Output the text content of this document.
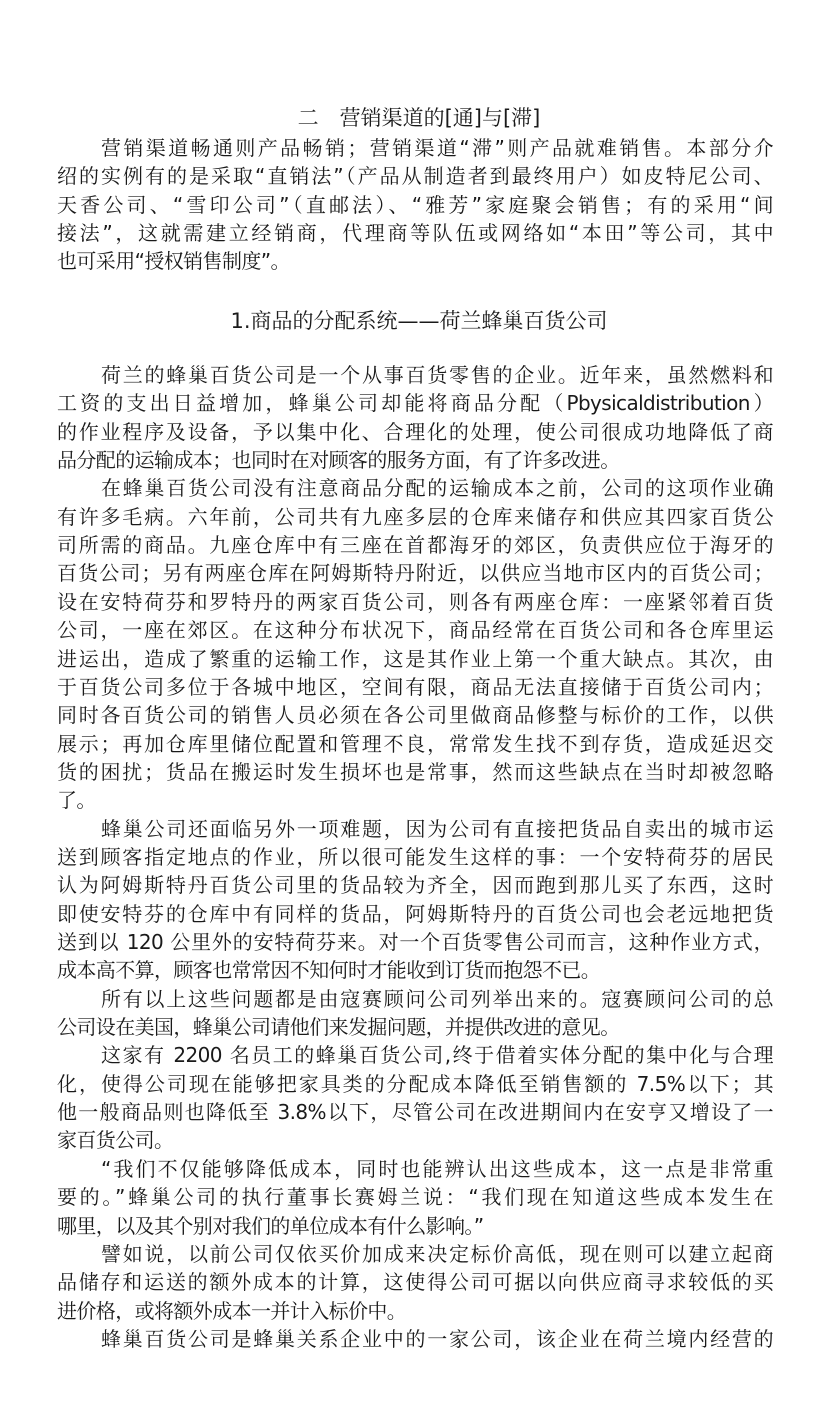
二　营销渠道的[通]与[滞]
营销渠道畅通则产品畅销；营销渠道“滞”则产品就难销售。本部分介
绍的实例有的是采取“直销法”（产品从制造者到最终用户）如皮特尼公司、
天香公司、“雪印公司”（直邮法）、“雅芳”家庭聚会销售；有的采用“间
接法”，这就需建立经销商，代理商等队伍或网络如“本田”等公司，其中
也可采用“授权销售制度”。
1.商品的分配系统——荷兰蜂巢百货公司
荷兰的蜂巢百货公司是一个从事百货零售的企业。近年来，虽然燃料和
工资的支出日益增加，蜂巢公司却能将商品分配（Pbysicaldistribution）
的作业程序及设备，予以集中化、合理化的处理，使公司很成功地降低了商
品分配的运输成本；也同时在对顾客的服务方面，有了许多改进。
在蜂巢百货公司没有注意商品分配的运输成本之前，公司的这项作业确
有许多毛病。六年前，公司共有九座多层的仓库来储存和供应其四家百货公
司所需的商品。九座仓库中有三座在首都海牙的郊区，负责供应位于海牙的
百货公司；另有两座仓库在阿姆斯特丹附近，以供应当地市区内的百货公司；
设在安特荷芬和罗特丹的两家百货公司，则各有两座仓库：一座紧邻着百货
公司，一座在郊区。在这种分布状况下，商品经常在百货公司和各仓库里运
进运出，造成了繁重的运输工作，这是其作业上第一个重大缺点。其次，由
于百货公司多位于各城中地区，空间有限，商品无法直接储于百货公司内；
同时各百货公司的销售人员必须在各公司里做商品修整与标价的工作，以供
展示；再加仓库里储位配置和管理不良，常常发生找不到存货，造成延迟交
货的困扰；货品在搬运时发生损坏也是常事，然而这些缺点在当时却被忽略
了。
蜂巢公司还面临另外一项难题，因为公司有直接把货品自卖出的城市运
送到顾客指定地点的作业，所以很可能发生这样的事：一个安特荷芬的居民
认为阿姆斯特丹百货公司里的货品较为齐全，因而跑到那儿买了东西，这时
即使安特芬的仓库中有同样的货品，阿姆斯特丹的百货公司也会老远地把货
送到以 120 公里外的安特荷芬来。对一个百货零售公司而言，这种作业方式，
成本高不算，顾客也常常因不知何时才能收到订货而抱怨不已。
所有以上这些问题都是由寇赛顾问公司列举出来的。寇赛顾问公司的总
公司设在美国，蜂巢公司请他们来发掘问题，并提供改进的意见。
这家有 2200 名员工的蜂巢百货公司,终于借着实体分配的集中化与合理
化，使得公司现在能够把家具类的分配成本降低至销售额的 7.5%以下；其
他一般商品则也降低至 3.8%以下，尽管公司在改进期间内在安亨又增设了一
家百货公司。
“我们不仅能够降低成本，同时也能辨认出这些成本，这一点是非常重
要的。”蜂巢公司的执行董事长赛姆兰说：“我们现在知道这些成本发生在
哪里，以及其个别对我们的单位成本有什么影响。”
譬如说，以前公司仅依买价加成来决定标价高低，现在则可以建立起商
品储存和运送的额外成本的计算，这使得公司可据以向供应商寻求较低的买
进价格，或将额外成本一并计入标价中。
蜂巢百货公司是蜂巢关系企业中的一家公司，该企业在荷兰境内经营的
